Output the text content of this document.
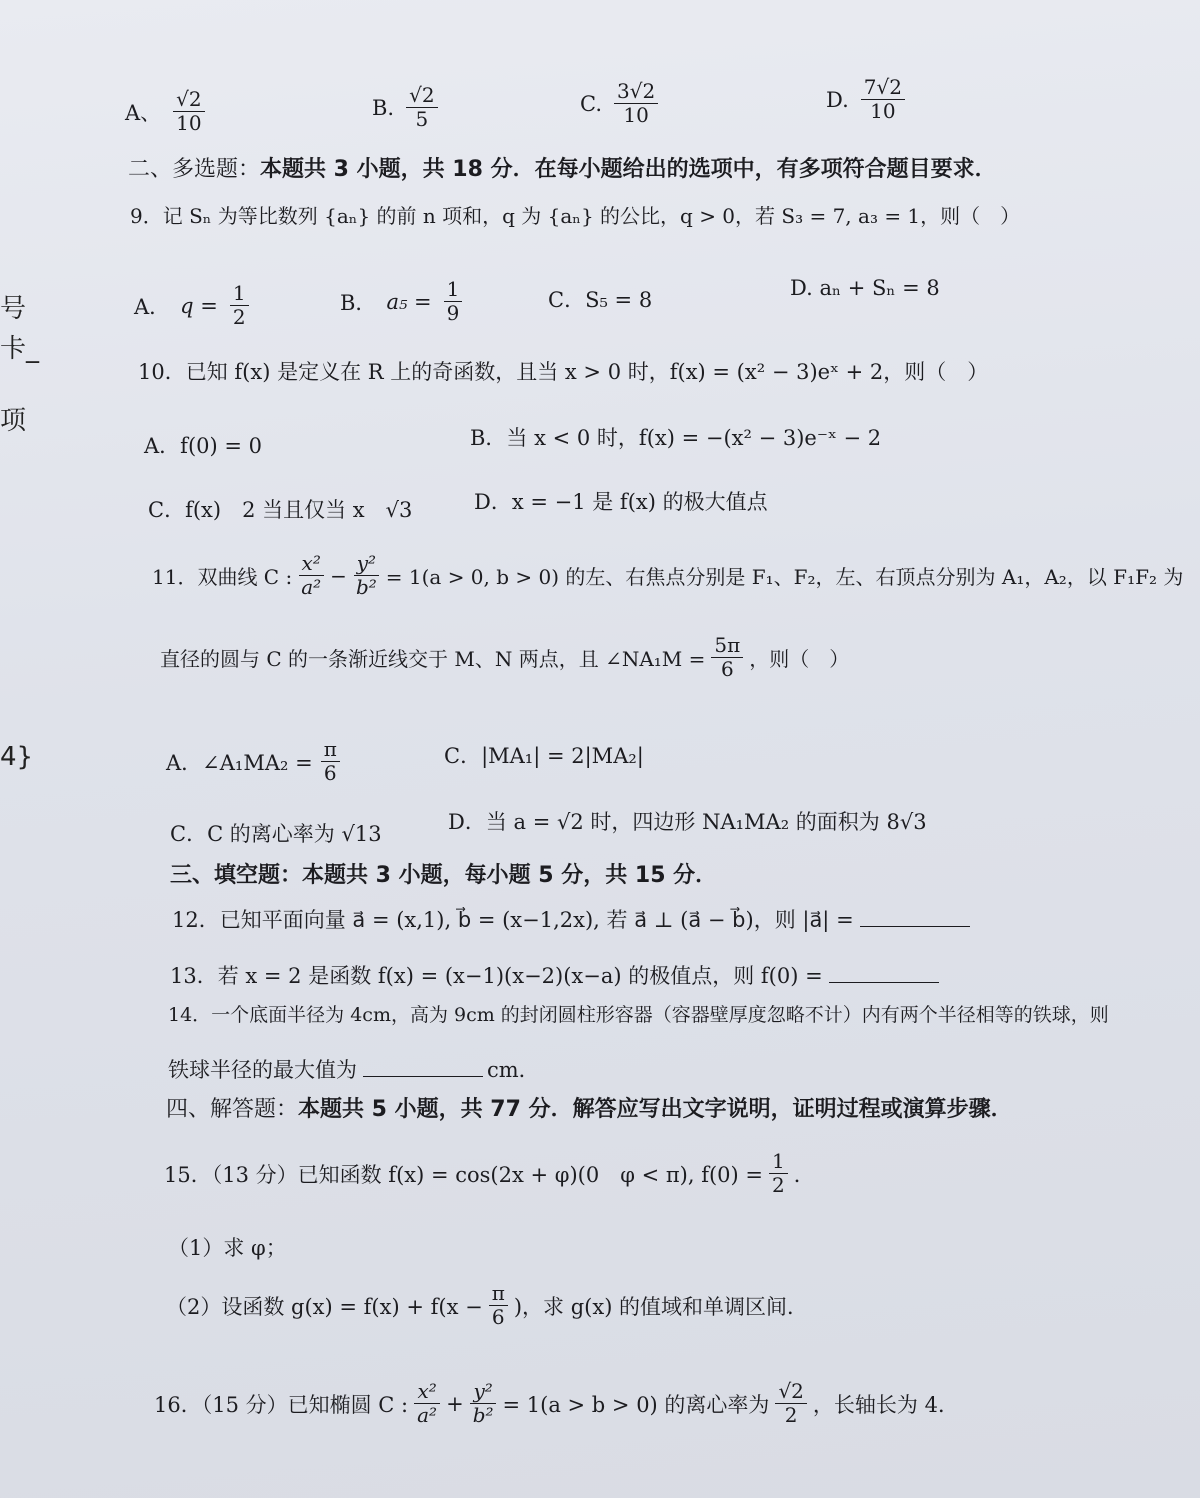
号
卡_
项
4}
A、 $\frac{√2}{10}$	B. $\frac{√2}{5}$	C. $\frac{3√2}{10}$	D. $\frac{7√2}{10}$
二、多选题：本题共 3 小题，共 18 分．在每小题给出的选项中，有多项符合题目要求．
9．记 Sₙ 为等比数列 {aₙ} 的前 n 项和，q 为 {aₙ} 的公比，q > 0，若 S₃ = 7, a₃ = 1，则（　）
A． $q = \frac{1}{2}$	B． $a_5 = \frac{1}{9}$	C．S₅ = 8	D. aₙ + Sₙ = 8
10．已知 f(x) 是定义在 R 上的奇函数，且当 x > 0 时，f(x) = (x² − 3)eˣ + 2，则（　）
A．f(0) = 0	B．当 x < 0 时，f(x) = −(x² − 3)e⁻ˣ − 2
C．f(x)　2 当且仅当 x　√3	D．x = −1 是 f(x) 的极大值点
11．双曲线 C : $\frac{\text{x²}}{\text{a²}} - \frac{\text{y²}}{\text{b²}} = 1(a > 0$, b > 0) 的左、右焦点分别是 F₁、F₂，左、右顶点分别为 A₁，A₂，以 F₁F₂ 为
直径的圆与 C 的一条渐近线交于 M、N 两点，且 ∠NA₁M = $\frac{5\pi}{6}$ ，则（　）
A．∠A₁MA₂ = $\frac{\pi}{6}$	C．|MA₁| = 2|MA₂|
C．C 的离心率为 √13	D．当 a = √2 时，四边形 NA₁MA₂ 的面积为 8√3
三、填空题：本题共 3 小题，每小题 5 分，共 15 分．
12．已知平面向量 a⃗ = (x,1), b⃗ = (x−1,2x), 若 a⃗ ⊥ (a⃗ − b⃗)，则 |a⃗| =
13．若 x = 2 是函数 f(x) = (x−1)(x−2)(x−a) 的极值点，则 f(0) =
14．一个底面半径为 4cm，高为 9cm 的封闭圆柱形容器（容器壁厚度忽略不计）内有两个半径相等的铁球，则
铁球半径的最大值为	cm．
四、解答题：本题共 5 小题，共 77 分．解答应写出文字说明，证明过程或演算步骤．
15．（13 分）已知函数 f(x) = cos(2x + φ)(0　φ < π), $f(0) = \frac{1}{2}$ ．
（1）求 φ；
（2）设函数 $g(x) = f(x) + f(x - \frac{\pi}{6}$ )，求 g(x) 的值域和单调区间．
16．（15 分）已知椭圆 C : $\frac{\text{x²}}{\text{a²}} + \frac{\text{y²}}{\text{b²}} = 1(a > b > 0)$ 的离心率为 $\frac{√2}{2}$ ，长轴长为 4．
